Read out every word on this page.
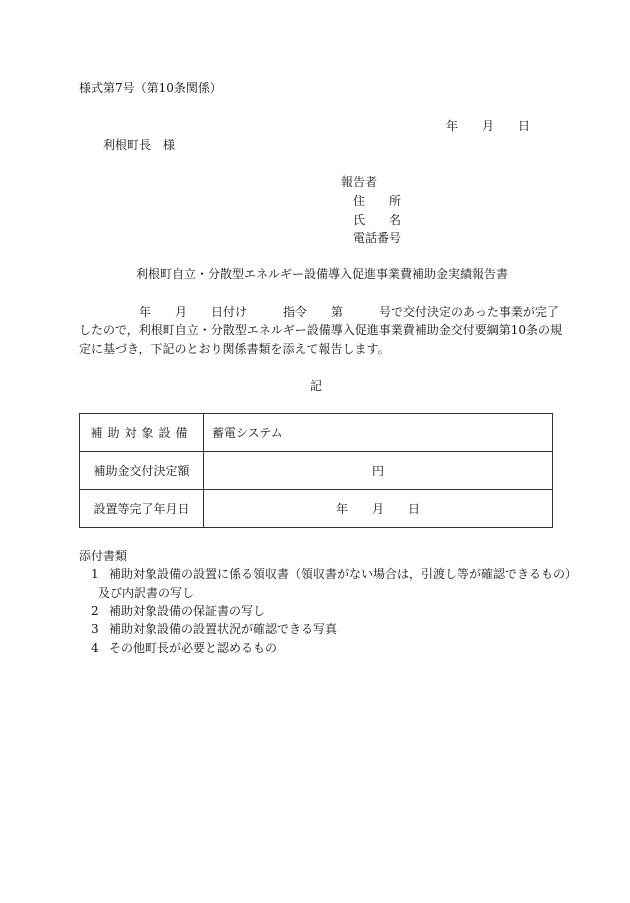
様式第7号（第10条関係）
年　　月　　日
利根町長　様
報告者
住　　所
氏　　名
電話番号
利根町自立・分散型エネルギー設備導入促進事業費補助金実績報告書
年　　月　　日付け　　　指令　　第　　　号で交付決定のあった事業が完了
したので，利根町自立・分散型エネルギー設備導入促進事業費補助金交付要綱第10条の規
定に基づき，下記のとおり関係書類を添えて報告します。
記
補助対象設備	蓄電システム
補助金交付決定額	円
設置等完了年月日	年　　月　　日
添付書類
1 補助対象設備の設置に係る領収書（領収書がない場合は，引渡し等が確認できるもの）
及び内訳書の写し
2 補助対象設備の保証書の写し
3 補助対象設備の設置状況が確認できる写真
4 その他町長が必要と認めるもの
